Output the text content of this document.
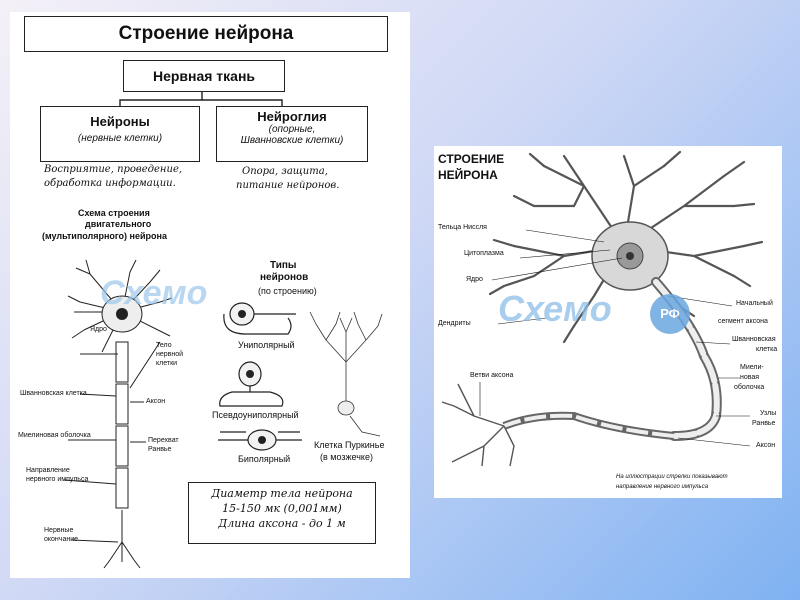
Строение нейрона
Нервная ткань
Нейроны
(нервные клетки)
Нейроглия
(опорные,
Шванновские клетки)
Восприятие, проведение,
обработка информации.
Опора, защита,
питание нейронов.
Схема строения
двигательного
(мультиполярного) нейрона
Типы
нейронов
(по строению)
Ядро
Тело
нервной
клетки
Шванновская клетка
Аксон
Миелиновая оболочка
Перехват
Ранвье
Направление
нервного импульса
Нервные
окончание
Униполярный
Псевдоуниполярный
Биполярный
Клетка Пуркинье
(в мозжечке)
Диаметр тела нейрона
15-150 мк (0,001мм)
Длина аксона - до 1 м
Схемо
СТРОЕНИЕ
НЕЙРОНА
Тельца Ниссля
Цитоплазма
Ядро
Дендриты
Ветви аксона
Начальный
сегмент аксона
Шванновская
клетка
Миели-
новая
оболочка
Узлы
Ранвье
Аксон
На иллюстрации стрелки показывают
направление нервного импульса
Схемо	РФ
